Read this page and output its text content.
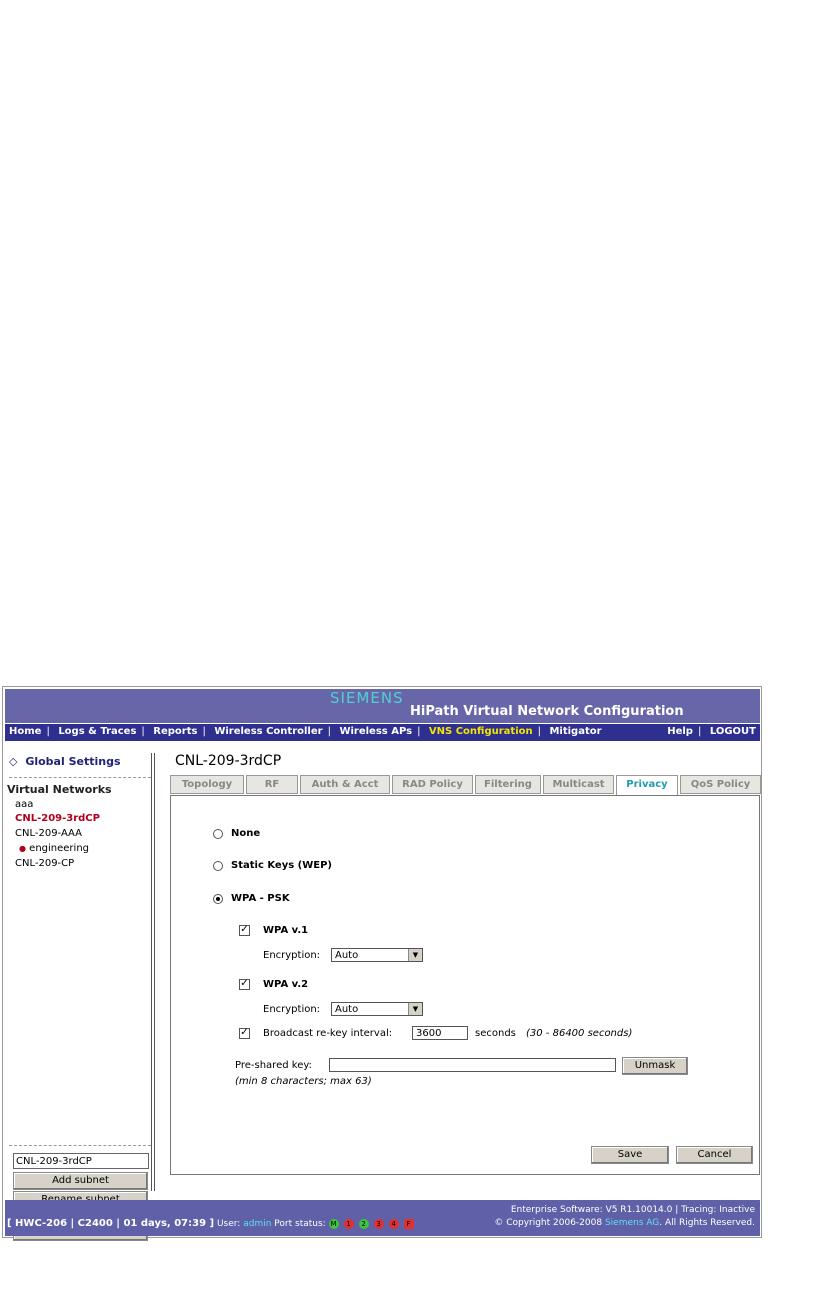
SIEMENS
HiPath Virtual Network Configuration
Home | Logs & Traces | Reports | Wireless Controller | Wireless APs | VNS Configuration | Mitigator	Help | LOGOUT
◇ Global Settings
Virtual Networks
aaa
CNL-209-3rdCP
CNL-209-AAA
● engineering
CNL-209-CP
CNL-209-3rdCP
Add subnet
CNL-209-3rdCP
Topology	RF	Auth & Acct	RAD Policy	Filtering	Multicast	Privacy	QoS Policy
None
Static Keys (WEP)
WPA - PSK
✓ WPA v.1
Encryption:	Auto	▼
✓ WPA v.2
Encryption:	Auto	▼
✓ Broadcast re-key interval:	3600	seconds (30 - 86400 seconds)
Pre-shared key:	Unmask
(min 8 characters; max 63)
Save	Cancel
Enterprise Software: V5 R1.10014.0 | Tracing: Inactive
[ HWC-206 | C2400 | 01 days, 07:39 ] User: admin Port status: M 1 2 3 4 F	© Copyright 2006-2008 Siemens AG. All Rights Reserved.
